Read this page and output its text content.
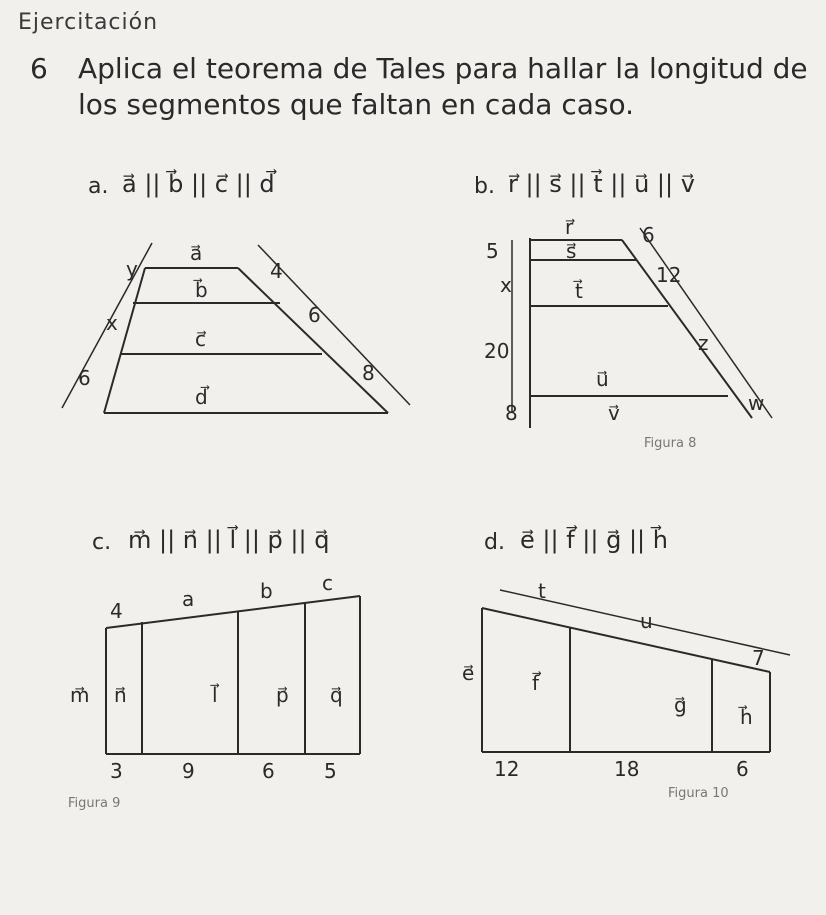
Ejercitación
6 Aplica el teorema de Tales para hallar la longitud de
los segmentos que faltan en cada caso.
a. a⃗ || b⃗ || c⃗ || d⃗	b. r⃗ || s⃗ || t⃗ || u⃗ || v⃗
c. m⃗ || n⃗ || l⃗ || p⃗ || q⃗	d. e⃗ || f⃗ || g⃗ || h⃗
Figura 8
Figura 9
Figura 10
a⃗
b⃗
c⃗
d⃗
y
x
6
4
6
8
r⃗
s⃗
t⃗
u⃗
v⃗
5
x
20
8
6
12
z
w
m⃗ n⃗	l⃗	p⃗ q⃗
4	a	b c
3	9	6 5
e⃗	f⃗
g⃗	h⃗
t
u
7
12	18	6
